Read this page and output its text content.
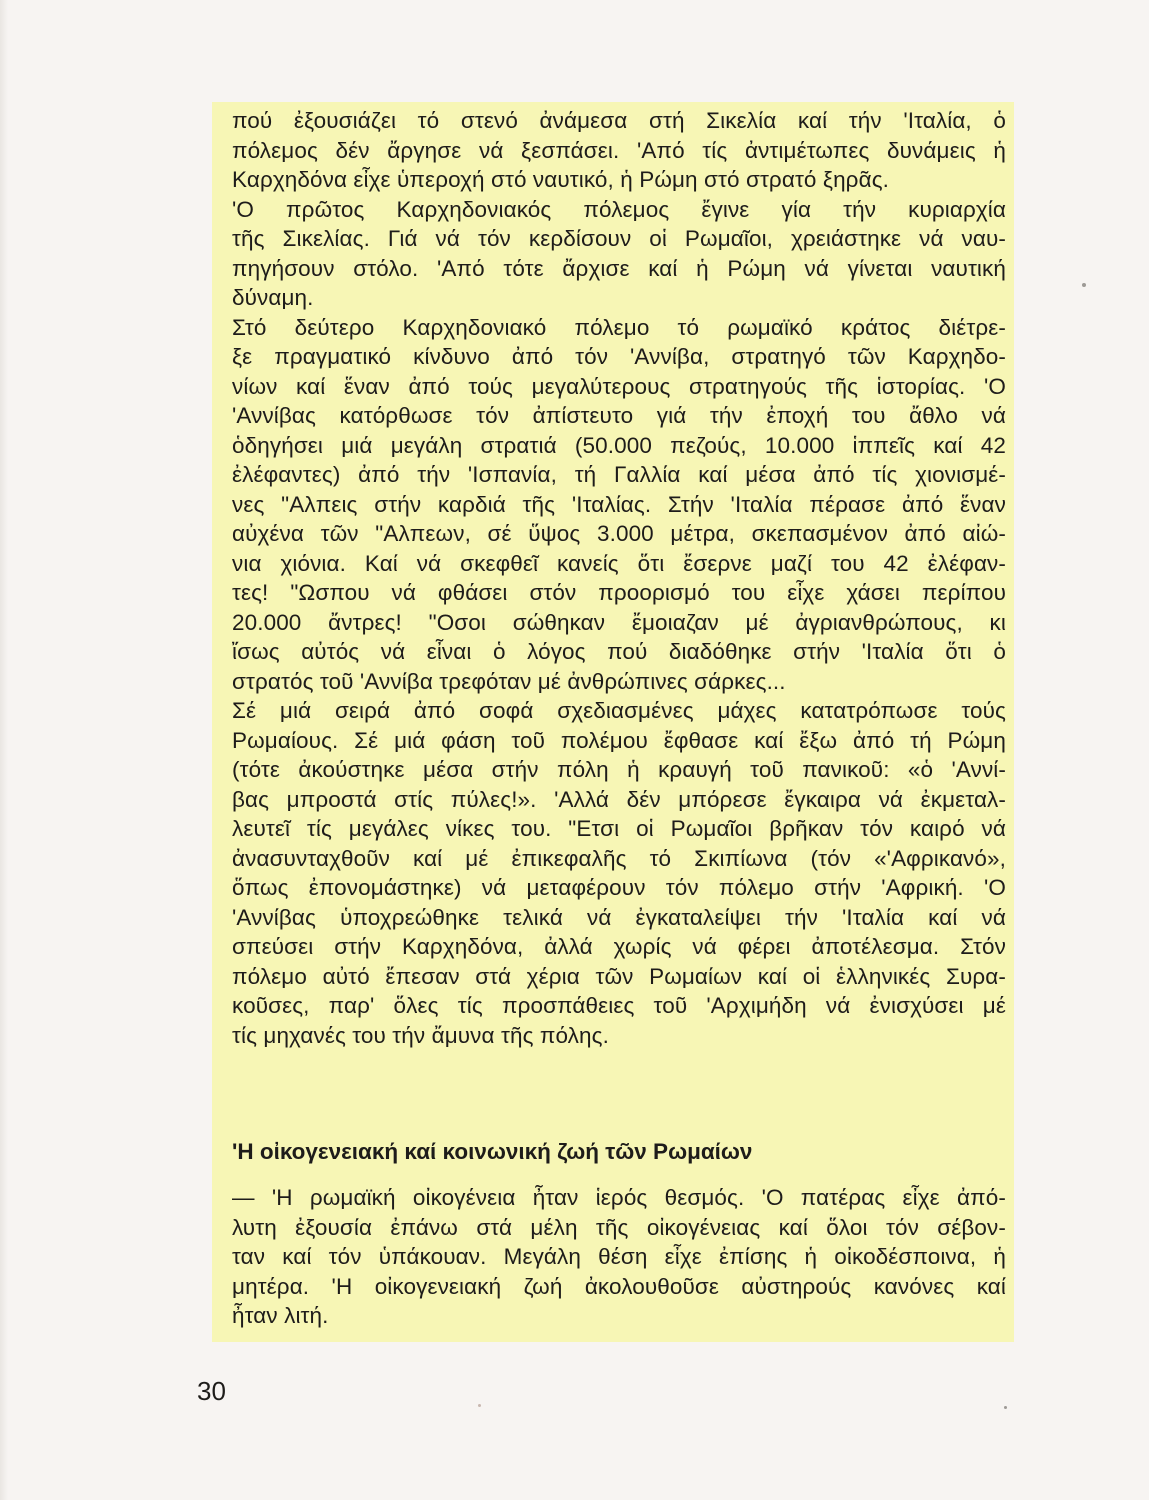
πού ἐξουσιάζει τό στενό ἀνάμεσα στή Σικελία καί τήν 'Ιταλία, ὁ
πόλεμος δέν ἄργησε νά ξεσπάσει. 'Από τίς ἀντιμέτωπες δυνάμεις ἡ
Καρχηδόνα εἶχε ὑπεροχή στό ναυτικό, ἡ Ρώμη στό στρατό ξηρᾶς.
'Ο πρῶτος Καρχηδονιακός πόλεμος ἔγινε γία τήν κυριαρχία
τῆς Σικελίας. Γιά νά τόν κερδίσουν οἱ Ρωμαῖοι, χρειάστηκε νά ναυ-
πηγήσουν στόλο. 'Από τότε ἄρχισε καί ἡ Ρώμη νά γίνεται ναυτική
δύναμη.
Στό δεύτερο Καρχηδονιακό πόλεμο τό ρωμαϊκό κράτος διέτρε-
ξε πραγματικό κίνδυνο ἀπό τόν 'Αννίβα, στρατηγό τῶν Καρχηδο-
νίων καί ἕναν ἀπό τούς μεγαλύτερους στρατηγούς τῆς ἱστορίας. 'Ο
'Αννίβας κατόρθωσε τόν ἀπίστευτο γιά τήν ἐποχή του ἄθλο νά
ὁδηγήσει μιά μεγάλη στρατιά (50.000 πεζούς, 10.000 ἱππεῖς καί 42
ἐλέφαντες) ἀπό τήν 'Ισπανία, τή Γαλλία καί μέσα ἀπό τίς χιονισμέ-
νες "Αλπεις στήν καρδιά τῆς 'Ιταλίας. Στήν 'Ιταλία πέρασε ἀπό ἕναν
αὐχένα τῶν "Αλπεων, σέ ὕψος 3.000 μέτρα, σκεπασμένον ἀπό αἰώ-
νια χιόνια. Καί νά σκεφθεῖ κανείς ὅτι ἔσερνε μαζί του 42 ἐλέφαν-
τες! "Ωσπου νά φθάσει στόν προορισμό του εἶχε χάσει περίπου
20.000 ἄντρες! "Οσοι σώθηκαν ἔμοιαζαν μέ ἀγριανθρώπους, κι
ἴσως αὐτός νά εἶναι ὁ λόγος πού διαδόθηκε στήν 'Ιταλία ὅτι ὁ
στρατός τοῦ 'Αννίβα τρεφόταν μέ ἀνθρώπινες σάρκες...
Σέ μιά σειρά ἀπό σοφά σχεδιασμένες μάχες κατατρόπωσε τούς
Ρωμαίους. Σέ μιά φάση τοῦ πολέμου ἔφθασε καί ἔξω ἀπό τή Ρώμη
(τότε ἀκούστηκε μέσα στήν πόλη ἡ κραυγή τοῦ πανικοῦ: «ὁ 'Αννί-
βας μπροστά στίς πύλες!». 'Αλλά δέν μπόρεσε ἔγκαιρα νά ἐκμεταλ-
λευτεῖ τίς μεγάλες νίκες του. "Ετσι οἱ Ρωμαῖοι βρῆκαν τόν καιρό νά
ἀνασυνταχθοῦν καί μέ ἐπικεφαλῆς τό Σκιπίωνα (τόν «'Αφρικανό»,
ὅπως ἐπονομάστηκε) νά μεταφέρουν τόν πόλεμο στήν 'Αφρική. 'Ο
'Αννίβας ὑποχρεώθηκε τελικά νά ἐγκαταλείψει τήν 'Ιταλία καί νά
σπεύσει στήν Καρχηδόνα, ἀλλά χωρίς νά φέρει ἀποτέλεσμα. Στόν
πόλεμο αὐτό ἔπεσαν στά χέρια τῶν Ρωμαίων καί οἱ ἑλληνικές Συρα-
κοῦσες, παρ' ὅλες τίς προσπάθειες τοῦ 'Αρχιμήδη νά ἐνισχύσει μέ
τίς μηχανές του τήν ἄμυνα τῆς πόλης.
'Η οἰκογενειακή καί κοινωνική ζωή τῶν Ρωμαίων
— 'Η ρωμαϊκή οἰκογένεια ἦταν ἱερός θεσμός. 'Ο πατέρας εἶχε ἀπό-
λυτη ἐξουσία ἐπάνω στά μέλη τῆς οἰκογένειας καί ὅλοι τόν σέβον-
ταν καί τόν ὑπάκουαν. Μεγάλη θέση εἶχε ἐπίσης ἡ οἰκοδέσποινα, ἡ
μητέρα. 'Η οἰκογενειακή ζωή ἀκολουθοῦσε αὐστηρούς κανόνες καί
ἦταν λιτή.
30
